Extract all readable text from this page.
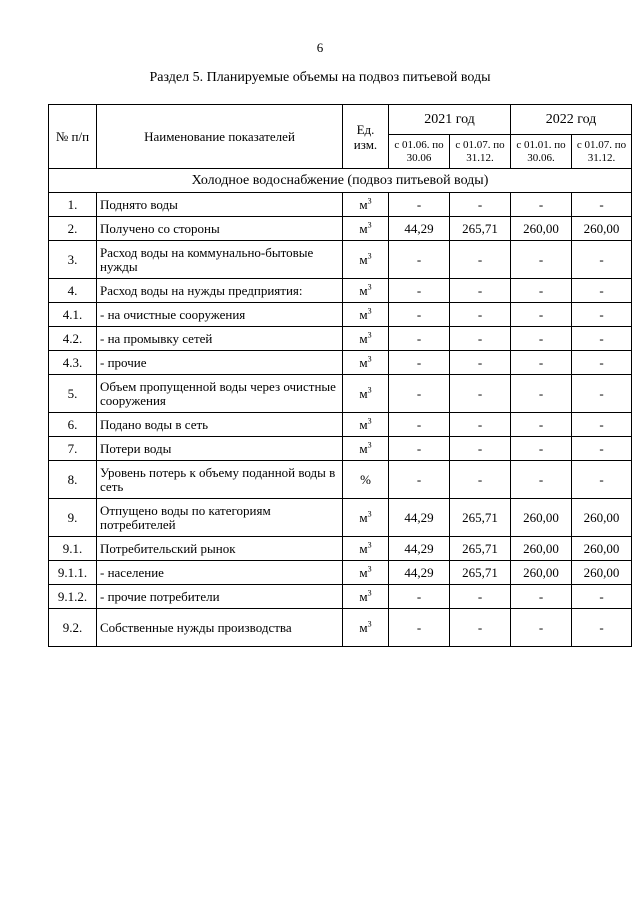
6
Раздел 5. Планируемые объемы на подвоз питьевой воды
№ п/п	Наименование показателей	Ед. изм.	2021 год		2022 год	
			с 01.06. по 30.06	с 01.07. по 31.12.	с 01.01. по 30.06.	с 01.07. по 31.12.
Холодное водоснабжение (подвоз питьевой воды)						
1.	Поднято воды	$м^3$	-	-	-	-
2.	Получено со стороны	$м^3$	44,29	265,71	260,00	260,00
3.	Расход воды на коммунально-бытовые нужды	$м^3$	-	-	-	-
4.	Расход воды на нужды предприятия:	$м^3$	-	-	-	-
4.1.	- на очистные сооружения	$м^3$	-	-	-	-
4.2.	- на промывку сетей	$м^3$	-	-	-	-
4.3.	- прочие	$м^3$	-	-	-	-
5.	Объем пропущенной воды через очистные сооружения	$м^3$	-	-	-	-
6.	Подано воды в сеть	$м^3$	-	-	-	-
7.	Потери воды	$м^3$	-	-	-	-
8.	Уровень потерь к объему поданной воды в сеть	%	-	-	-	-
9.	Отпущено воды по категориям потребителей	$м^3$	44,29	265,71	260,00	260,00
9.1.	Потребительский рынок	$м^3$	44,29	265,71	260,00	260,00
9.1.1.	- население	$м^3$	44,29	265,71	260,00	260,00
9.1.2.	- прочие потребители	$м^3$	-	-	-	-
9.2.	Собственные нужды производства	$м^3$	-	-	-	-
